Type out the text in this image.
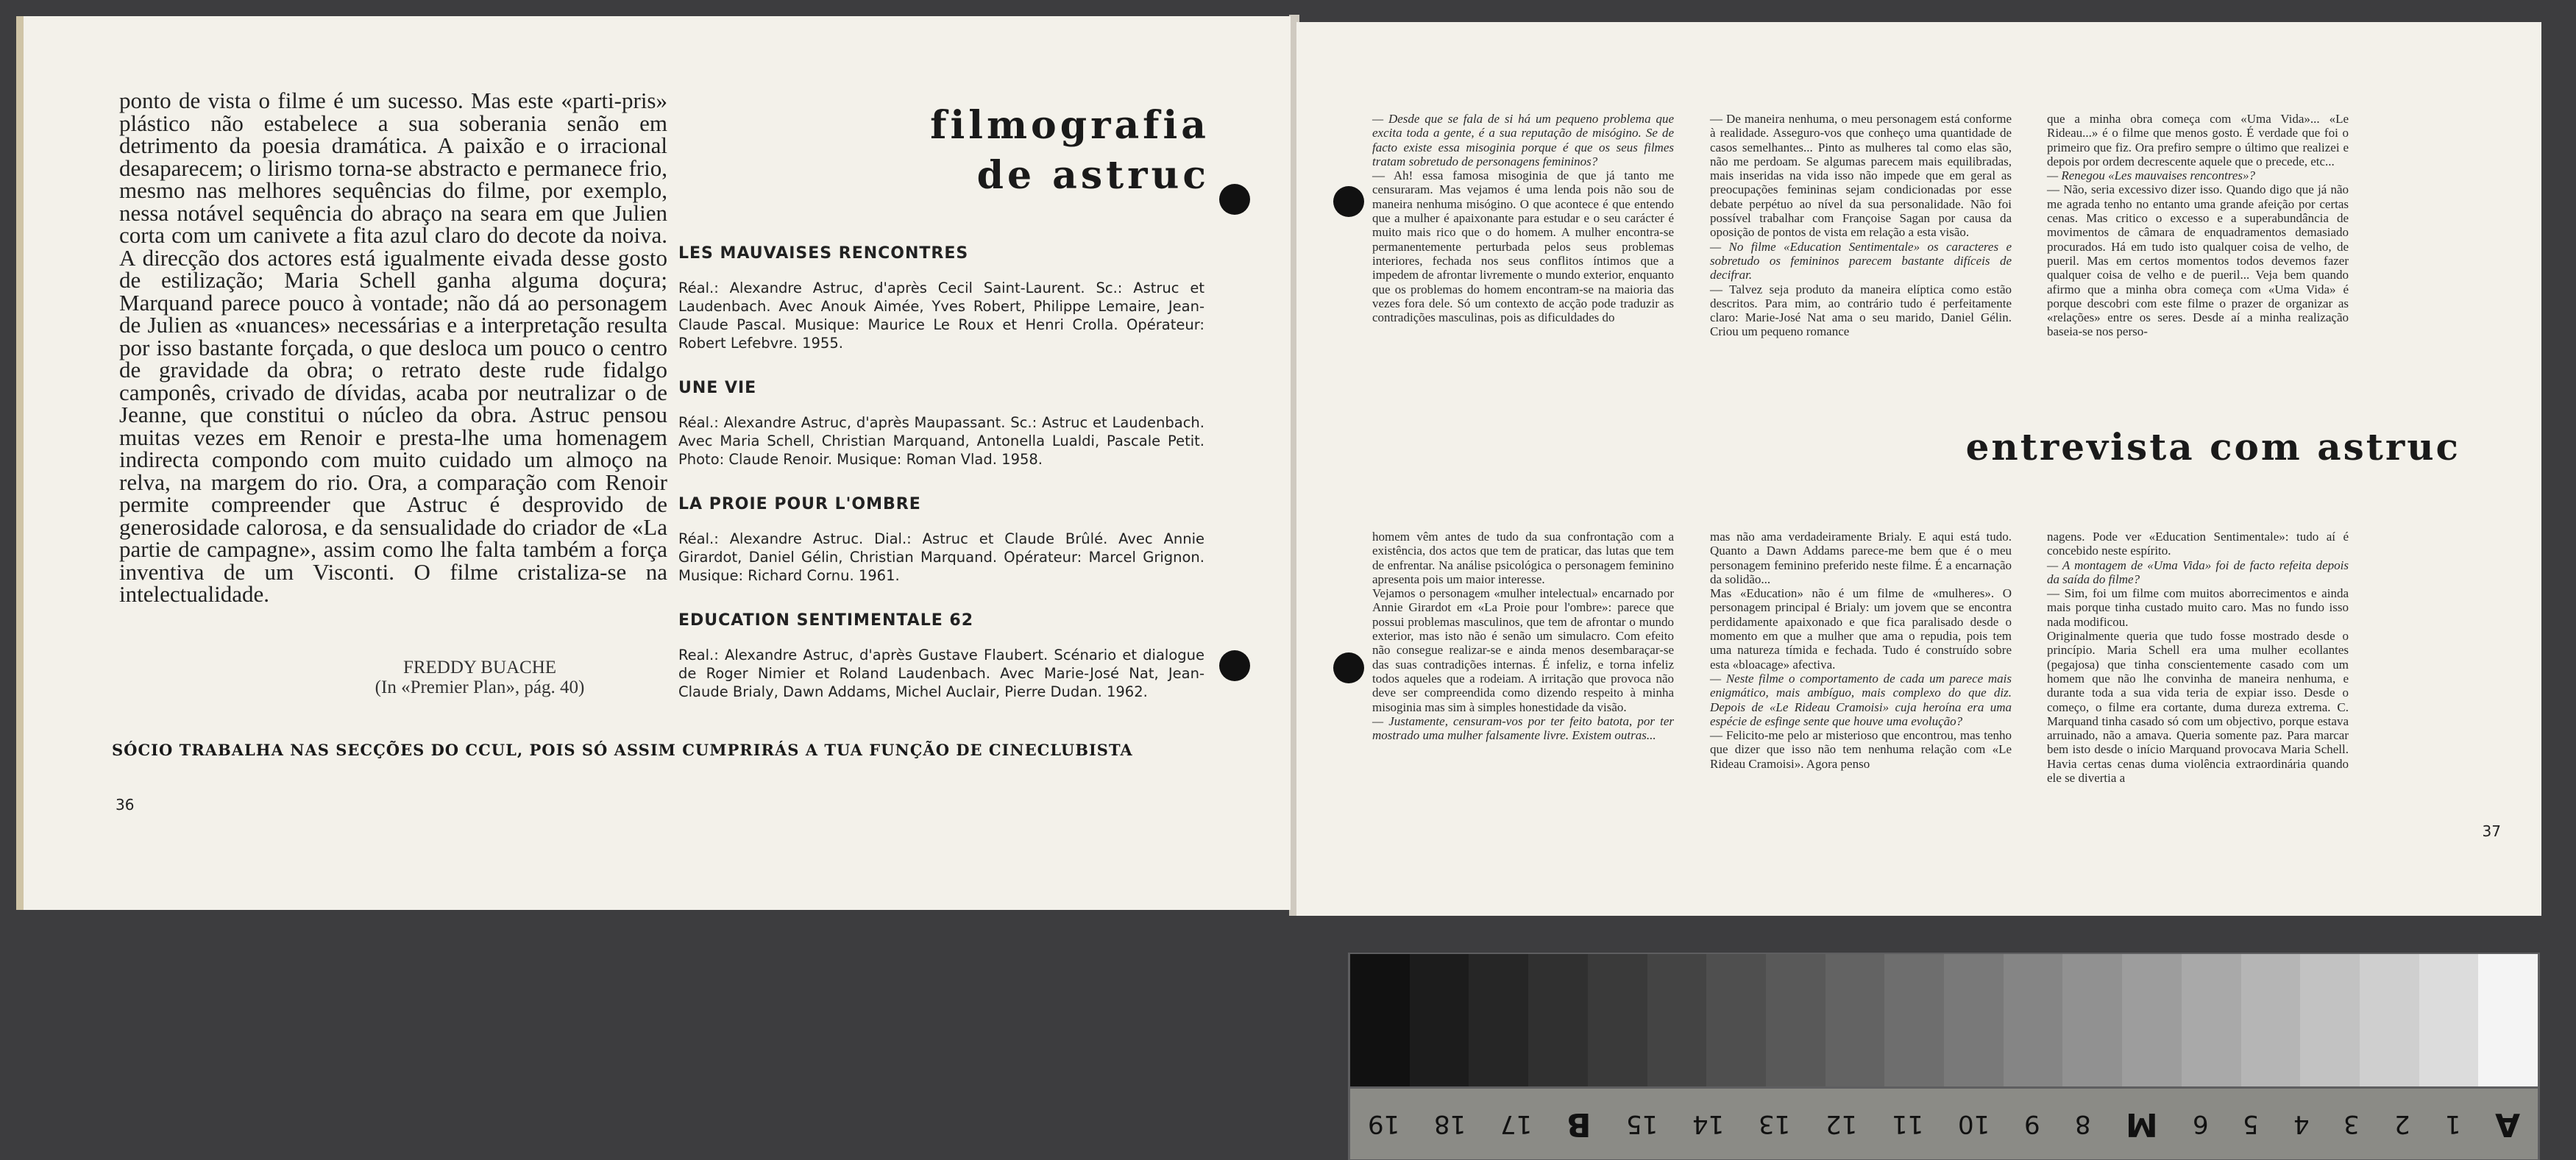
ponto de vista o filme é um sucesso. Mas este «parti-pris» plástico não estabelece a sua soberania senão em detrimento da poesia dramática. A paixão e o irracional desaparecem; o lirismo torna-se abstracto e permanece frio, mesmo nas melhores sequências do filme, por exemplo, nessa notável sequência do abraço na seara em que Julien corta com um canivete a fita azul claro do decote da noiva. A direcção dos actores está igualmente eivada desse gosto de estilização; Maria Schell ganha alguma doçura; Marquand parece pouco à vontade; não dá ao personagem de Julien as «nuances» necessárias e a interpretação resulta por isso bastante forçada, o que desloca um pouco o centro de gravidade da obra; o retrato deste rude fidalgo camponês, crivado de dívidas, acaba por neutralizar o de Jeanne, que constitui o núcleo da obra. Astruc pensou muitas vezes em Renoir e presta-lhe uma homenagem indirecta compondo com muito cuidado um almoço na relva, na margem do rio. Ora, a comparação com Renoir permite compreender que Astruc é desprovido de generosidade calorosa, e da sensualidade do criador de «La partie de campagne», assim como lhe falta também a força inventiva de um Visconti. O filme cristaliza-se na intelectualidade.

FREDDY BUACHE

(In «Premier Plan», pág. 40)

filmografia

de astruc

LES MAUVAISES RENCONTRES

Réal.: Alexandre Astruc, d'après Cecil Saint-Laurent. Sc.: Astruc et Laudenbach. Avec Anouk Aimée, Yves Robert, Philippe Lemaire, Jean-Claude Pascal. Musique: Maurice Le Roux et Henri Crolla. Opérateur: Robert Lefebvre. 1955.

UNE VIE

Réal.: Alexandre Astruc, d'après Maupassant. Sc.: Astruc et Laudenbach. Avec Maria Schell, Christian Marquand, Antonella Lualdi, Pascale Petit. Photo: Claude Renoir. Musique: Roman Vlad. 1958.

LA PROIE POUR L'OMBRE

Réal.: Alexandre Astruc. Dial.: Astruc et Claude Brûlé. Avec Annie Girardot, Daniel Gélin, Christian Marquand. Opérateur: Marcel Grignon. Musique: Richard Cornu. 1961.

EDUCATION SENTIMENTALE 62

Real.: Alexandre Astruc, d'après Gustave Flaubert. Scénario et dialogue de Roger Nimier et Roland Laudenbach. Avec Marie-José Nat, Jean-Claude Brialy, Dawn Addams, Michel Auclair, Pierre Dudan. 1962.

SÓCIO TRABALHA NAS SECÇÕES DO CCUL, POIS SÓ ASSIM CUMPRIRÁS A TUA FUNÇÃO DE CINECLUBISTA
36

— Desde que se fala de si há um pequeno problema que excita toda a gente, é a sua reputação de misógino. Se de facto existe essa misoginia porque é que os seus filmes tratam sobretudo de personagens femininos?

— Ah! essa famosa misoginia de que já tanto me censuraram. Mas vejamos é uma lenda pois não sou de maneira nenhuma misógino. O que acontece é que entendo que a mulher é apaixonante para estudar e o seu carácter é muito mais rico que o do homem. A mulher encontra-se permanentemente perturbada pelos seus problemas interiores, fechada nos seus conflitos íntimos que a impedem de afrontar livremente o mundo exterior, enquanto que os problemas do homem encontram-se na maioria das vezes fora dele. Só um contexto de acção pode traduzir as contradições masculinas, pois as dificuldades do

— De maneira nenhuma, o meu personagem está conforme à realidade. Asseguro-vos que conheço uma quantidade de casos semelhantes... Pinto as mulheres tal como elas são, não me perdoam. Se algumas parecem mais equilibradas, mais inseridas na vida isso não impede que em geral as preocupações femininas sejam condicionadas por esse debate perpétuo ao nível da sua personalidade. Não foi possível trabalhar com Françoise Sagan por causa da oposição de pontos de vista em relação a esta visão.

— No filme «Education Sentimentale» os caracteres e sobretudo os femininos parecem bastante difíceis de decifrar.

— Talvez seja produto da maneira elíptica como estão descritos. Para mim, ao contrário tudo é perfeitamente claro: Marie-José Nat ama o seu marido, Daniel Gélin. Criou um pequeno romance

que a minha obra começa com «Uma Vida»... «Le Rideau...» é o filme que menos gosto. É verdade que foi o primeiro que fiz. Ora prefiro sempre o último que realizei e depois por ordem decrescente aquele que o precede, etc...

— Renegou «Les mauvaises rencontres»?

— Não, seria excessivo dizer isso. Quando digo que já não me agrada tenho no entanto uma grande afeição por certas cenas. Mas critico o excesso e a superabundância de movimentos de câmara de enquadramentos demasiado procurados. Há em tudo isto qualquer coisa de velho, de pueril. Mas em certos momentos todos devemos fazer qualquer coisa de velho e de pueril... Veja bem quando afirmo que a minha obra começa com «Uma Vida» é porque descobri com este filme o prazer de organizar as «relações» entre os seres. Desde aí a minha realização baseia-se nos perso-

entrevista com astruc

homem vêm antes de tudo da sua confrontação com a existência, dos actos que tem de praticar, das lutas que tem de enfrentar. Na análise psicológica o personagem feminino apresenta pois um maior interesse.

Vejamos o personagem «mulher intelectual» encarnado por Annie Girardot em «La Proie pour l'ombre»: parece que possui problemas masculinos, que tem de afrontar o mundo exterior, mas isto não é senão um simulacro. Com efeito não consegue realizar-se e ainda menos desembaraçar-se das suas contradições internas. É infeliz, e torna infeliz todos aqueles que a rodeiam. A irritação que provoca não deve ser compreendida como dizendo respeito à minha misoginia mas sim à simples honestidade da visão.

— Justamente, censuram-vos por ter feito batota, por ter mostrado uma mulher falsamente livre. Existem outras...

mas não ama verdadeiramente Brialy. E aqui está tudo. Quanto a Dawn Addams parece-me bem que é o meu personagem feminino preferido neste filme. É a encarnação da solidão...

Mas «Education» não é um filme de «mulheres». O personagem principal é Brialy: um jovem que se encontra perdidamente apaixonado e que fica paralisado desde o momento em que a mulher que ama o repudia, pois tem uma natureza tímida e fechada. Tudo é construído sobre esta «bloacage» afectiva.

— Neste filme o comportamento de cada um parece mais enigmático, mais ambíguo, mais complexo do que diz. Depois de «Le Rideau Cramoisi» cuja heroína era uma espécie de esfinge sente que houve uma evolução?

— Felicito-me pelo ar misterioso que encontrou, mas tenho que dizer que isso não tem nenhuma relação com «Le Rideau Cramoisi». Agora penso

nagens. Pode ver «Education Sentimentale»: tudo aí é concebido neste espírito.

— A montagem de «Uma Vida» foi de facto refeita depois da saída do filme?

— Sim, foi um filme com muitos aborrecimentos e ainda mais porque tinha custado muito caro. Mas no fundo isso nada modificou.

Originalmente queria que tudo fosse mostrado desde o princípio. Maria Schell era uma mulher ecollantes (pegajosa) que tinha conscientemente casado com um homem que não lhe convinha de maneira nenhuma, e durante toda a sua vida teria de expiar isso. Desde o começo, o filme era cortante, duma dureza extrema. C. Marquand tinha casado só com um objectivo, porque estava arruinado, não a amava. Queria somente paz. Para marcar bem isto desde o início Marquand provocava Maria Schell. Havia certas cenas duma violência extraordinária quando ele se divertia a

37
19 18 17 B 15 14 13 12 11 10 9 8 M 6 5 4 3 2 1 A
